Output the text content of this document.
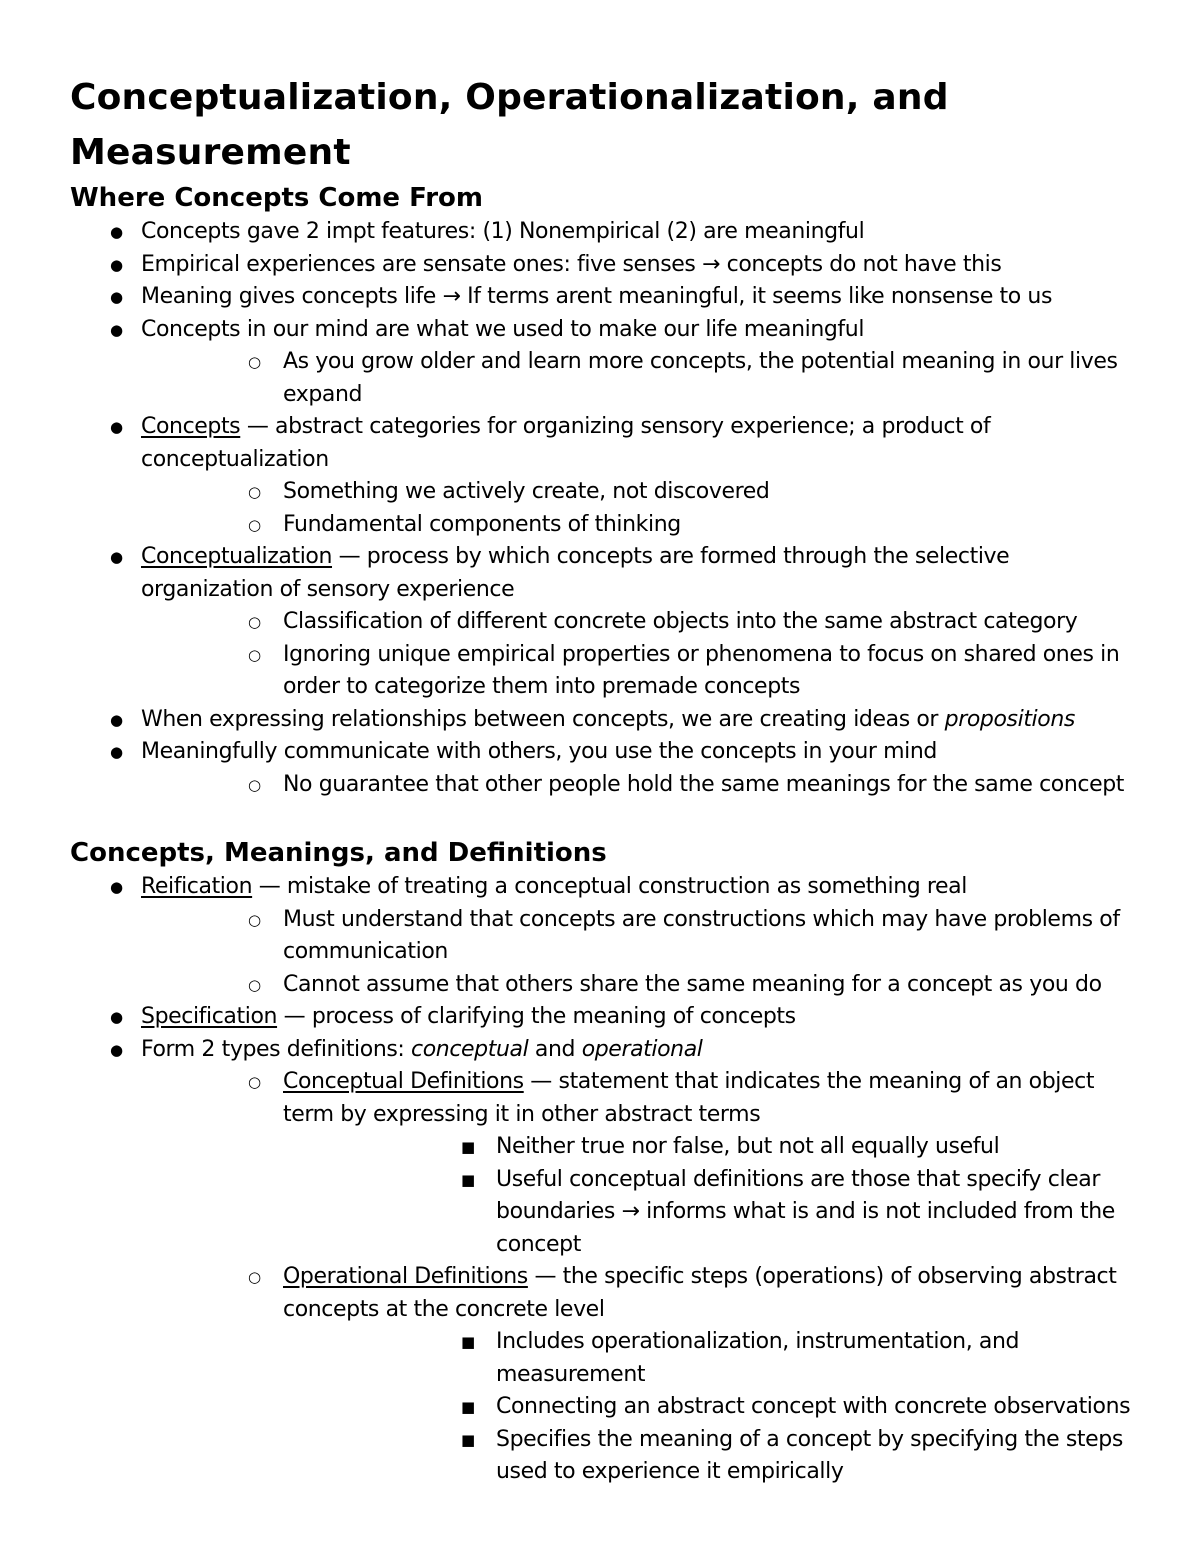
Conceptualization, Operationalization, and Measurement
Where Concepts Come From
● Concepts gave 2 impt features: (1) Nonempirical (2) are meaningful
● Empirical experiences are sensate ones: five senses → concepts do not have this
● Meaning gives concepts life → If terms arent meaningful, it seems like nonsense to us
● Concepts in our mind are what we used to make our life meaningful
○ As you grow older and learn more concepts, the potential meaning in our lives expand
● Concepts — abstract categories for organizing sensory experience; a product of conceptualization
○ Something we actively create, not discovered
○ Fundamental components of thinking
● Conceptualization — process by which concepts are formed through the selective organization of sensory experience
○ Classification of different concrete objects into the same abstract category
○ Ignoring unique empirical properties or phenomena to focus on shared ones in order to categorize them into premade concepts
● When expressing relationships between concepts, we are creating ideas or propositions
● Meaningfully communicate with others, you use the concepts in your mind
○ No guarantee that other people hold the same meanings for the same concept
Concepts, Meanings, and Definitions
● Reification — mistake of treating a conceptual construction as something real
○ Must understand that concepts are constructions which may have problems of communication
○ Cannot assume that others share the same meaning for a concept as you do
● Specification — process of clarifying the meaning of concepts
● Form 2 types definitions: conceptual and operational
○ Conceptual Definitions — statement that indicates the meaning of an object term by expressing it in other abstract terms
■ Neither true nor false, but not all equally useful
■ Useful conceptual definitions are those that specify clear boundaries → informs what is and is not included from the concept
○ Operational Definitions — the specific steps (operations) of observing abstract concepts at the concrete level
■ Includes operationalization, instrumentation, and measurement
■ Connecting an abstract concept with concrete observations
■ Specifies the meaning of a concept by specifying the steps used to experience it empirically
